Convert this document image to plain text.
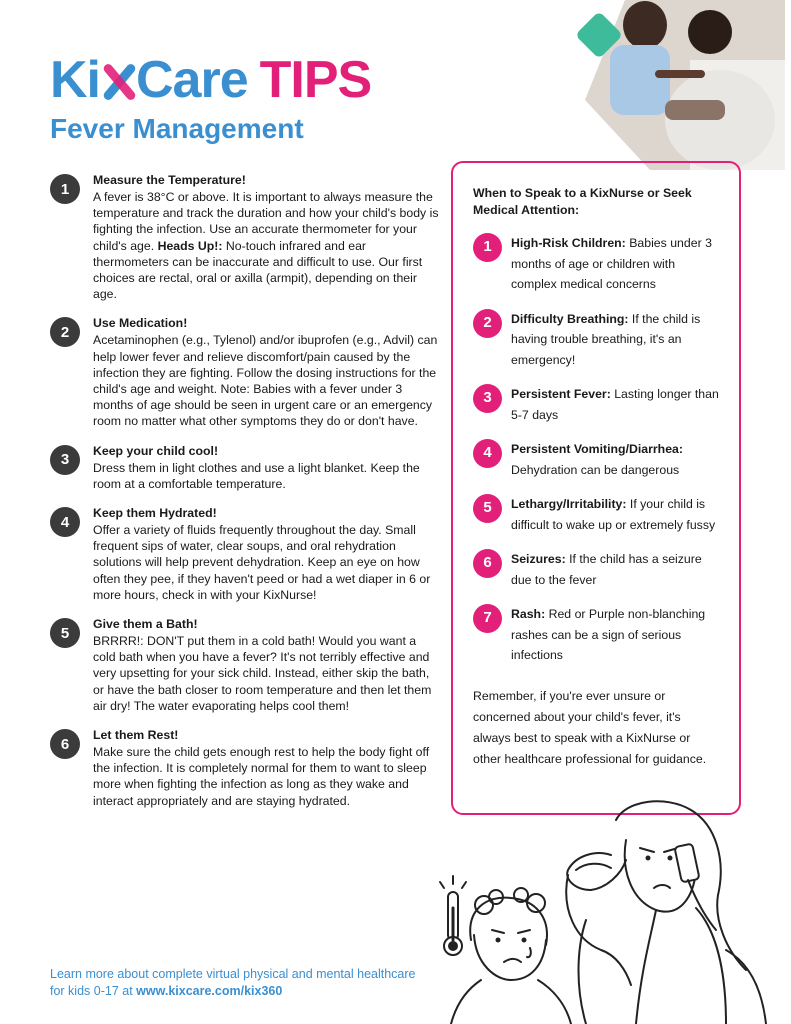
Ki Care TIPS
Fever Management
1
Measure the Temperature!
A fever is 38°C or above. It is important to always measure the temperature and track the duration and how your child's body is fighting the infection. Use an accurate thermometer for your child's age. Heads Up!: No-touch infrared and ear thermometers can be inaccurate and difficult to use. Our first choices are rectal, oral or axilla (armpit), depending on their age.
2
Use Medication!
Acetaminophen (e.g., Tylenol) and/or ibuprofen (e.g., Advil) can help lower fever and relieve discomfort/pain caused by the infection they are fighting. Follow the dosing instructions for the child's age and weight. Note: Babies with a fever under 3 months of age should be seen in urgent care or an emergency room no matter what other symptoms they do or don't have.
3
Keep your child cool!
Dress them in light clothes and use a light blanket. Keep the room at a comfortable temperature.
4
Keep them Hydrated!
Offer a variety of fluids frequently throughout the day. Small frequent sips of water, clear soups, and oral rehydration solutions will help prevent dehydration. Keep an eye on how often they pee, if they haven't peed or had a wet diaper in 6 or more hours, check in with your KixNurse!
5
Give them a Bath!
BRRRR!: DON'T put them in a cold bath! Would you want a cold bath when you have a fever? It's not terribly effective and very upsetting for your sick child. Instead, either skip the bath, or have the bath closer to room temperature and then let them air dry! The water evaporating helps cool them!
6
Let them Rest!
Make sure the child gets enough rest to help the body fight off the infection. It is completely normal for them to want to sleep more when fighting the infection as long as they wake and interact appropriately and are staying hydrated.
When to Speak to a KixNurse or Seek Medical Attention:
1	High-Risk Children: Babies under 3 months of age or children with complex medical concerns
2	Difficulty Breathing: If the child is having trouble breathing, it's an emergency!
3	Persistent Fever: Lasting longer than 5-7 days
4	Persistent Vomiting/Diarrhea: Dehydration can be dangerous
5	Lethargy/Irritability: If your child is difficult to wake up or extremely fussy
6	Seizures: If the child has a seizure due to the fever
7	Rash: Red or Purple non-blanching rashes can be a sign of serious infections
Remember, if you're ever unsure or concerned about your child's fever, it's always best to speak with a KixNurse or other healthcare professional for guidance.
Learn more about complete virtual physical and mental healthcare for kids 0-17 at www.kixcare.com/kix360
